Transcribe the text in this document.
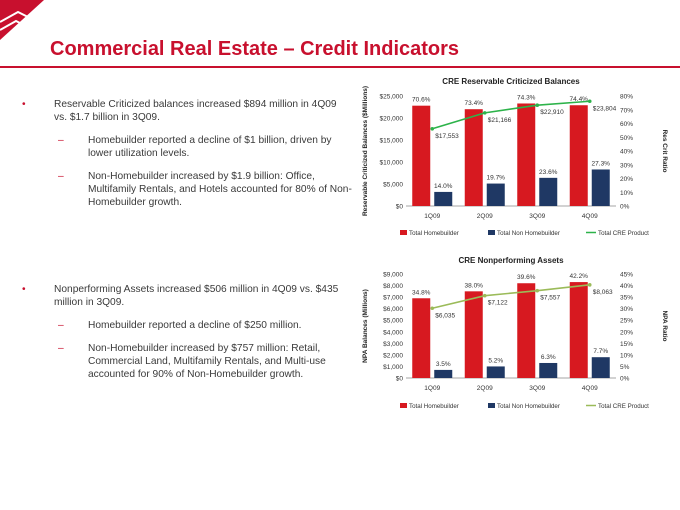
Commercial Real Estate – Credit Indicators
•	Reservable Criticized balances increased $894 million in 4Q09 vs. $1.7 billion in 3Q09.
– Homebuilder reported a decline of $1 billion, driven by lower utilization levels.
– Non-Homebuilder increased by $1.9 billion: Office, Multifamily Rentals, and Hotels accounted for 80% of Non-Homebuilder growth.
•	Nonperforming Assets increased $506 million in 4Q09 vs. $435 million in 3Q09.
– Homebuilder reported a decline of $250 million.
– Non-Homebuilder increased by $757 million: Retail, Commercial Land, Multifamily Rentals, and Multi-use accounted for 90% of Non-Homebuilder growth.
CRE Reservable Criticized Balances
$0
$5,000
$10,000
$15,000
$20,000
$25,000
0%
10%
20%
30%
40%
50%
60%
70%
80%
Reservable Criticized Balances ($Millions)	Res Crit Ratio
70.6%
14.0%
1Q09
73.4%
19.7%
2Q09
74.3%
23.6%
3Q09
74.4%
27.3%
4Q09
$17,553
$21,166
$22,910
$23,804
Total Homebuilder	Total Non Homebuilder	Total CRE Product
CRE Nonperforming Assets
$0
$1,000
$2,000
$3,000
$4,000
$5,000
$6,000
$7,000
$8,000
$9,000
0%
5%
10%
15%
20%
25%
30%
35%
40%
45%
NPA Balances (Millions)	NPA Ratio
34.8%
3.5%
1Q09
38.0%
5.2%
2Q09
39.6%
6.3%
3Q09
42.2%
7.7%
4Q09
$6,035
$7,122
$7,557
$8,063
Total Homebuilder	Total Non Homebuilder	Total CRE Product
